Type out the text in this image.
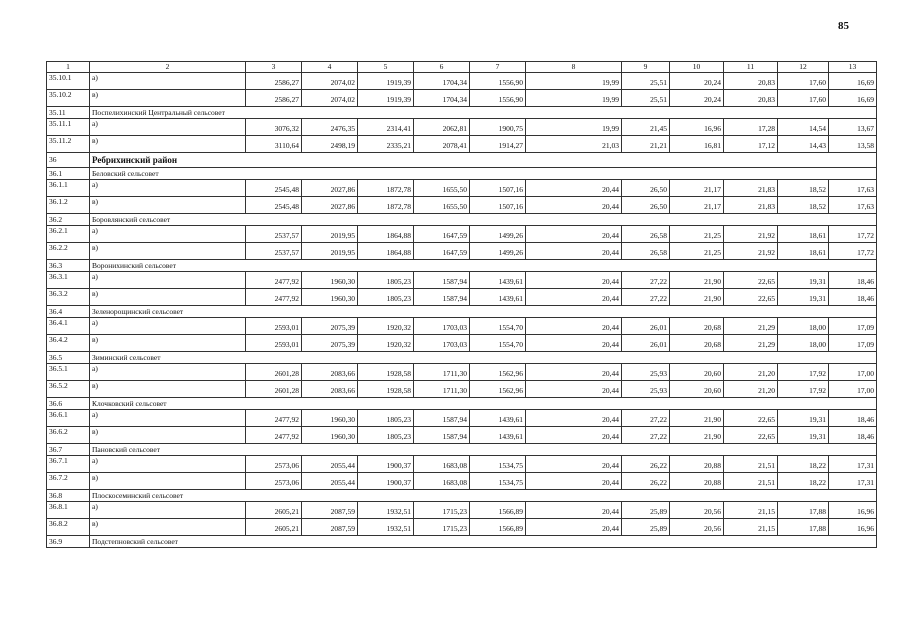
85
1	2	3	4	5	6	7	8	9	10	11	12	13
35.10.1	а)	2586,27	2074,02	1919,39	1704,34	1556,90	19,99	25,51	20,24	20,83	17,60	16,69
35.10.2	в)	2586,27	2074,02	1919,39	1704,34	1556,90	19,99	25,51	20,24	20,83	17,60	16,69
35.11	Поспелихинский Центральный сельсовет											
35.11.1	а)	3076,32	2476,35	2314,41	2062,81	1900,75	19,99	21,45	16,96	17,28	14,54	13,67
35.11.2	в)	3110,64	2498,19	2335,21	2078,41	1914,27	21,03	21,21	16,81	17,12	14,43	13,58
36	Ребрихинский район											
36.1	Беловский сельсовет											
36.1.1	а)	2545,48	2027,86	1872,78	1655,50	1507,16	20,44	26,50	21,17	21,83	18,52	17,63
36.1.2	в)	2545,48	2027,86	1872,78	1655,50	1507,16	20,44	26,50	21,17	21,83	18,52	17,63
36.2	Боровлянский сельсовет											
36.2.1	а)	2537,57	2019,95	1864,88	1647,59	1499,26	20,44	26,58	21,25	21,92	18,61	17,72
36.2.2	в)	2537,57	2019,95	1864,88	1647,59	1499,26	20,44	26,58	21,25	21,92	18,61	17,72
36.3	Воронихинский сельсовет											
36.3.1	а)	2477,92	1960,30	1805,23	1587,94	1439,61	20,44	27,22	21,90	22,65	19,31	18,46
36.3.2	в)	2477,92	1960,30	1805,23	1587,94	1439,61	20,44	27,22	21,90	22,65	19,31	18,46
36.4	Зеленорощинский сельсовет											
36.4.1	а)	2593,01	2075,39	1920,32	1703,03	1554,70	20,44	26,01	20,68	21,29	18,00	17,09
36.4.2	в)	2593,01	2075,39	1920,32	1703,03	1554,70	20,44	26,01	20,68	21,29	18,00	17,09
36.5	Зиминский сельсовет											
36.5.1	а)	2601,28	2083,66	1928,58	1711,30	1562,96	20,44	25,93	20,60	21,20	17,92	17,00
36.5.2	в)	2601,28	2083,66	1928,58	1711,30	1562,96	20,44	25,93	20,60	21,20	17,92	17,00
36.6	Клочковский сельсовет											
36.6.1	а)	2477,92	1960,30	1805,23	1587,94	1439,61	20,44	27,22	21,90	22,65	19,31	18,46
36.6.2	в)	2477,92	1960,30	1805,23	1587,94	1439,61	20,44	27,22	21,90	22,65	19,31	18,46
36.7	Пановский сельсовет											
36.7.1	а)	2573,06	2055,44	1900,37	1683,08	1534,75	20,44	26,22	20,88	21,51	18,22	17,31
36.7.2	в)	2573,06	2055,44	1900,37	1683,08	1534,75	20,44	26,22	20,88	21,51	18,22	17,31
36.8	Плоскосеминский сельсовет											
36.8.1	а)	2605,21	2087,59	1932,51	1715,23	1566,89	20,44	25,89	20,56	21,15	17,88	16,96
36.8.2	в)	2605,21	2087,59	1932,51	1715,23	1566,89	20,44	25,89	20,56	21,15	17,88	16,96
36.9	Подстепновский сельсовет											
